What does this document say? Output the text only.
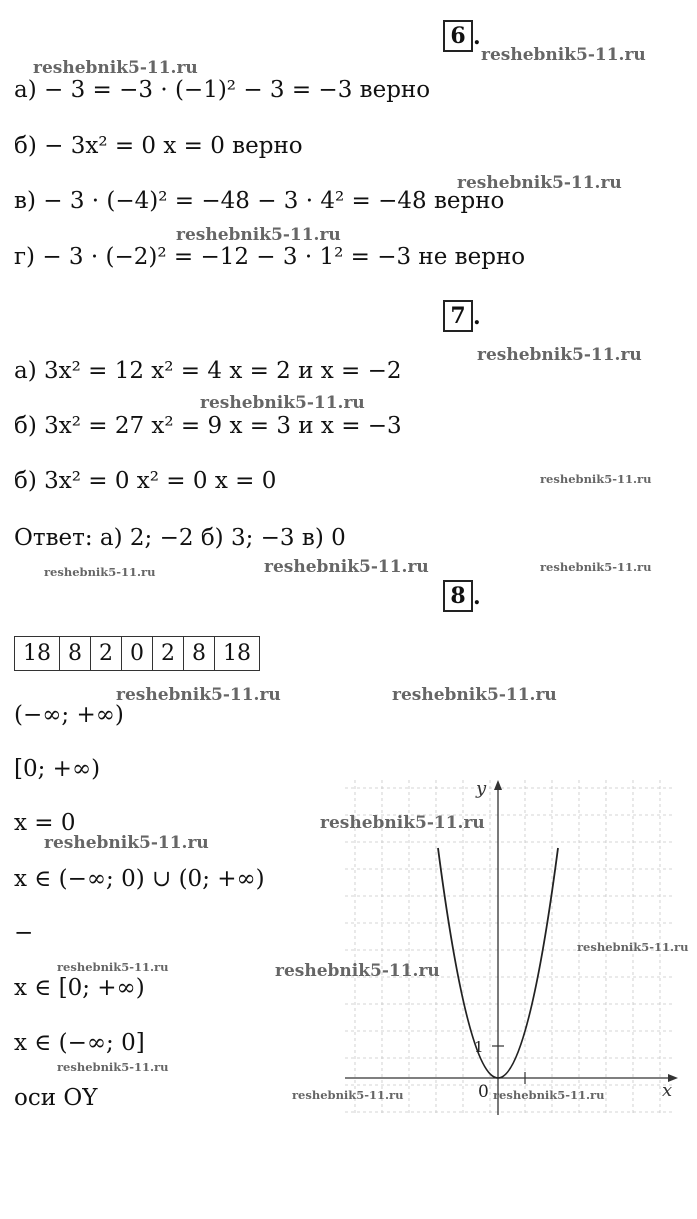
6 .
а) − 3 = −3 · (−1)² − 3 = −3 верно
б) − 3x² = 0 x = 0 верно
в) − 3 · (−4)² = −48 − 3 · 4² = −48 верно
г) − 3 · (−2)² = −12 − 3 · 1² = −3 не верно
7 .
а) 3x² = 12 x² = 4 x = 2 и x = −2
б) 3x² = 27 x² = 9 x = 3 и x = −3
б) 3x² = 0 x² = 0 x = 0
Ответ: а) 2; −2 б) 3; −3 в) 0
8 .
18	8	2	0	2	8	18
(−∞; +∞)
[0; +∞)
x = 0
x ∈ (−∞; 0) ∪ (0; +∞)
−
x ∈ [0; +∞)
x ∈ (−∞; 0]
оси OY
y
x
0
1
reshebnik5-11.ru
reshebnik5-11.ru
reshebnik5-11.ru
reshebnik5-11.ru
reshebnik5-11.ru
reshebnik5-11.ru
reshebnik5-11.ru
reshebnik5-11.ru	reshebnik5-11.ru	reshebnik5-11.ru
reshebnik5-11.ru	reshebnik5-11.ru
reshebnik5-11.ru
reshebnik5-11.ru
reshebnik5-11.ru
reshebnik5-11.ru	reshebnik5-11.ru
reshebnik5-11.ru
reshebnik5-11.ru	reshebnik5-11.ru
